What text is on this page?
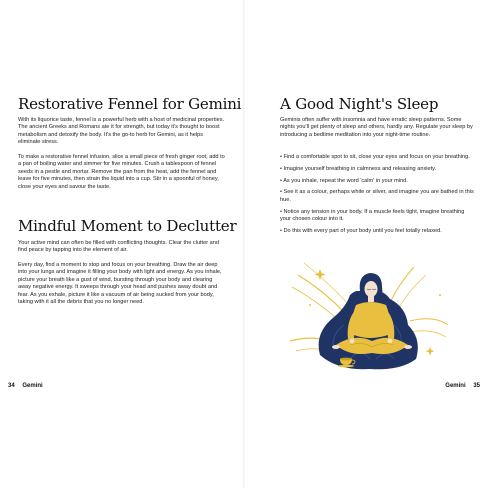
Restorative Fennel for Gemini

With its liquorice taste, fennel is a powerful herb with a host of medicinal properties. The ancient Greeks and Romans ate it for strength, but today it's thought to boost metabolism and detoxify the body. It's the go-to herb for Gemini, as it helps eliminate stress.

To make a restorative fennel infusion, slice a small piece of fresh ginger root, add to a pan of boiling water and simmer for five minutes. Crush a tablespoon of fennel seeds in a pestle and mortar. Remove the pan from the heat, add the fennel and leave for five minutes, then strain the liquid into a cup. Stir in a spoonful of honey, close your eyes and savour the taste.

Mindful Moment to Declutter

Your active mind can often be filled with conflicting thoughts. Clear the clutter and find peace by tapping into the element of air.

Every day, find a moment to stop and focus on your breathing. Draw the air deep into your lungs and imagine it filling your body with light and energy. As you inhale, picture your breath like a gust of wind, bursting through your body and clearing away negative energy. It sweeps through your head and pushes away doubt and fear. As you exhale, picture it like a vacuum of air being sucked from your body, taking with it all the debris that you no longer need.

34 Gemini
A Good Night's Sleep

Geminis often suffer with insomnia and have erratic sleep patterns. Some nights you'll get plenty of sleep and others, hardly any. Regulate your sleep by introducing a bedtime meditation into your night-time routine.

• Find a comfortable spot to sit, close your eyes and focus on your breathing.
• Imagine yourself breathing in calmness and releasing anxiety.
• As you inhale, repeat the word 'calm' in your mind.
• See it as a colour, perhaps white or silver, and imagine you are bathed in this hue.
• Notice any tension in your body. If a muscle feels tight, imagine breathing your chosen colour into it.
• Do this with every part of your body until you feel totally relaxed.
Gemini 35
